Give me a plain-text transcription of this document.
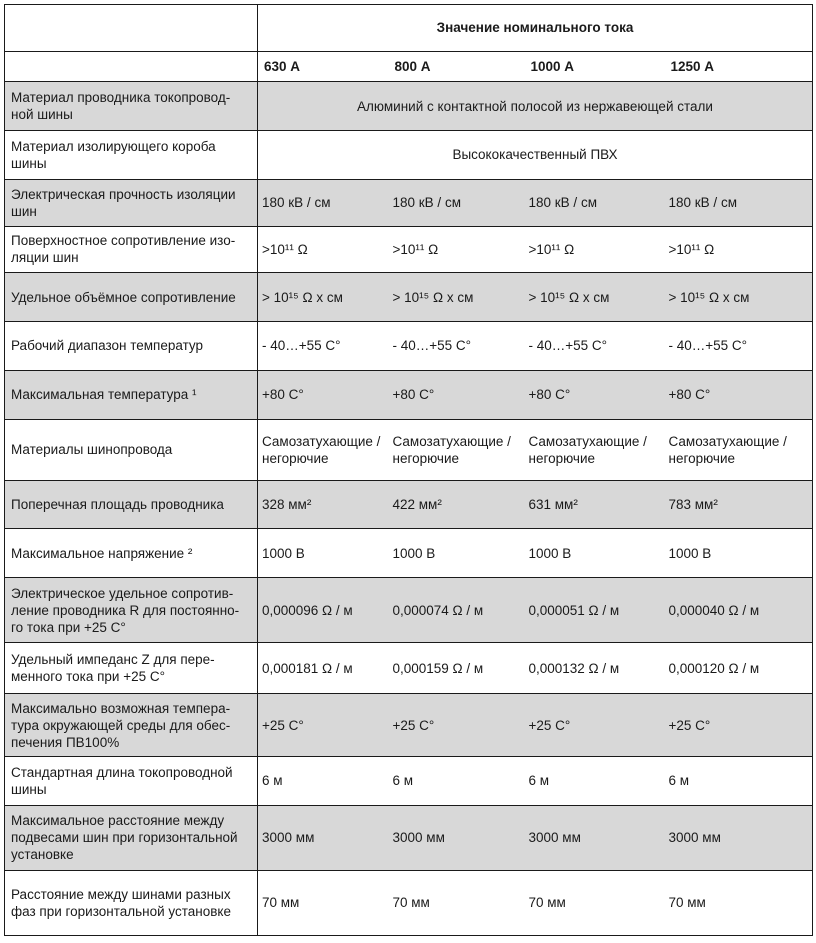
	Значение номинального тока			
	630 А	800 А	1000 А	1250 А
Материал проводника токопровод-ной шины	Алюминий с контактной полосой из нержавеющей стали			
Материал изолирующего короба шины	Высококачественный ПВХ			
Электрическая прочность изоляции шин	180 кВ / см	180 кВ / см	180 кВ / см	180 кВ / см
Поверхностное сопротивление изо-ляции шин	>10¹¹ Ω	>10¹¹ Ω	>10¹¹ Ω	>10¹¹ Ω
Удельное объёмное сопротивление	> 10¹⁵ Ω x см	> 10¹⁵ Ω x см	> 10¹⁵ Ω x см	> 10¹⁵ Ω x см
Рабочий диапазон температур	- 40…+55 C°	- 40…+55 C°	- 40…+55 C°	- 40…+55 C°
Максимальная температура ¹	+80 C°	+80 C°	+80 C°	+80 C°
Материалы шинопровода	Самозатухающие / негорючие	Самозатухающие / негорючие	Самозатухающие / негорючие	Самозатухающие / негорючие
Поперечная площадь проводника	328 мм²	422 мм²	631 мм²	783 мм²
Максимальное напряжение ²	1000 В	1000 В	1000 В	1000 В
Электрическое удельное сопротив-ление проводника R для постоянно-го тока при +25 C°	0,000096 Ω / м	0,000074 Ω / м	0,000051 Ω / м	0,000040 Ω / м
Удельный импеданс Z для пере-менного тока при +25 C°	0,000181 Ω / м	0,000159 Ω / м	0,000132 Ω / м	0,000120 Ω / м
Максимально возможная темпера-тура окружающей среды для обес-печения ПВ100%	+25 C°	+25 C°	+25 C°	+25 C°
Стандартная длина токопроводной шины	6 м	6 м	6 м	6 м
Максимальное расстояние между подвесами шин при горизонтальной установке	3000 мм	3000 мм	3000 мм	3000 мм
Расстояние между шинами разных фаз при горизонтальной установке	70 мм	70 мм	70 мм	70 мм
